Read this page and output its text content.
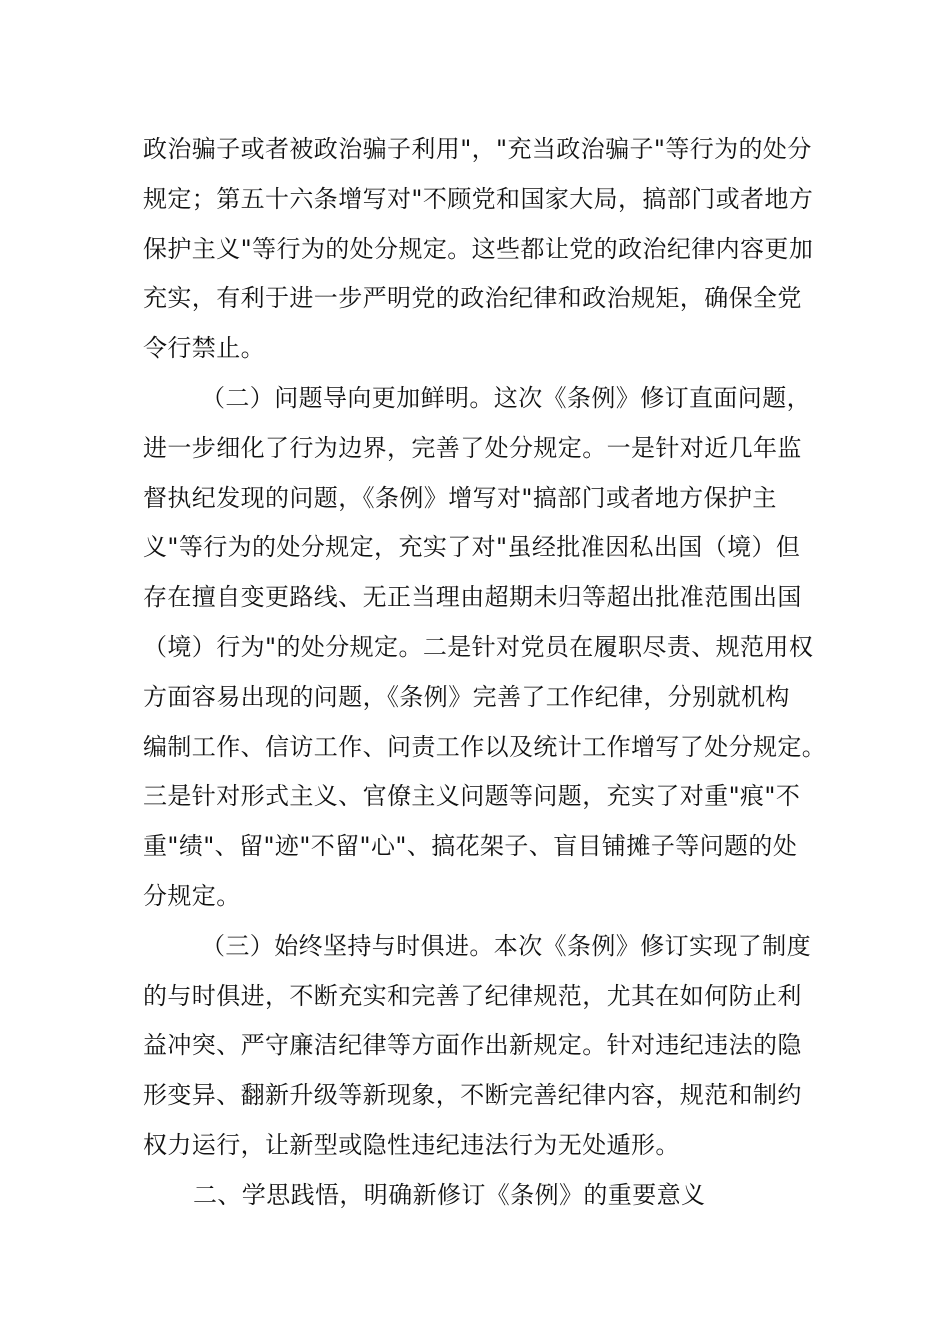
政治骗子或者被政治骗子利用"，"充当政治骗子"等行为的处分
规定；第五十六条增写对"不顾党和国家大局，搞部门或者地方
保护主义"等行为的处分规定。这些都让党的政治纪律内容更加
充实，有利于进一步严明党的政治纪律和政治规矩，确保全党
令行禁止。
（二）问题导向更加鲜明。这次《条例》修订直面问题，
进一步细化了行为边界，完善了处分规定。一是针对近几年监
督执纪发现的问题，《条例》增写对"搞部门或者地方保护主
义"等行为的处分规定，充实了对"虽经批准因私出国（境）但
存在擅自变更路线、无正当理由超期未归等超出批准范围出国
（境）行为"的处分规定。二是针对党员在履职尽责、规范用权
方面容易出现的问题，《条例》完善了工作纪律，分别就机构
编制工作、信访工作、问责工作以及统计工作增写了处分规定。
三是针对形式主义、官僚主义问题等问题，充实了对重"痕"不
重"绩"、留"迹"不留"心"、搞花架子、盲目铺摊子等问题的处
分规定。
（三）始终坚持与时俱进。本次《条例》修订实现了制度
的与时俱进，不断充实和完善了纪律规范，尤其在如何防止利
益冲突、严守廉洁纪律等方面作出新规定。针对违纪违法的隐
形变异、翻新升级等新现象，不断完善纪律内容，规范和制约
权力运行，让新型或隐性违纪违法行为无处遁形。
二、学思践悟，明确新修订《条例》的重要意义
